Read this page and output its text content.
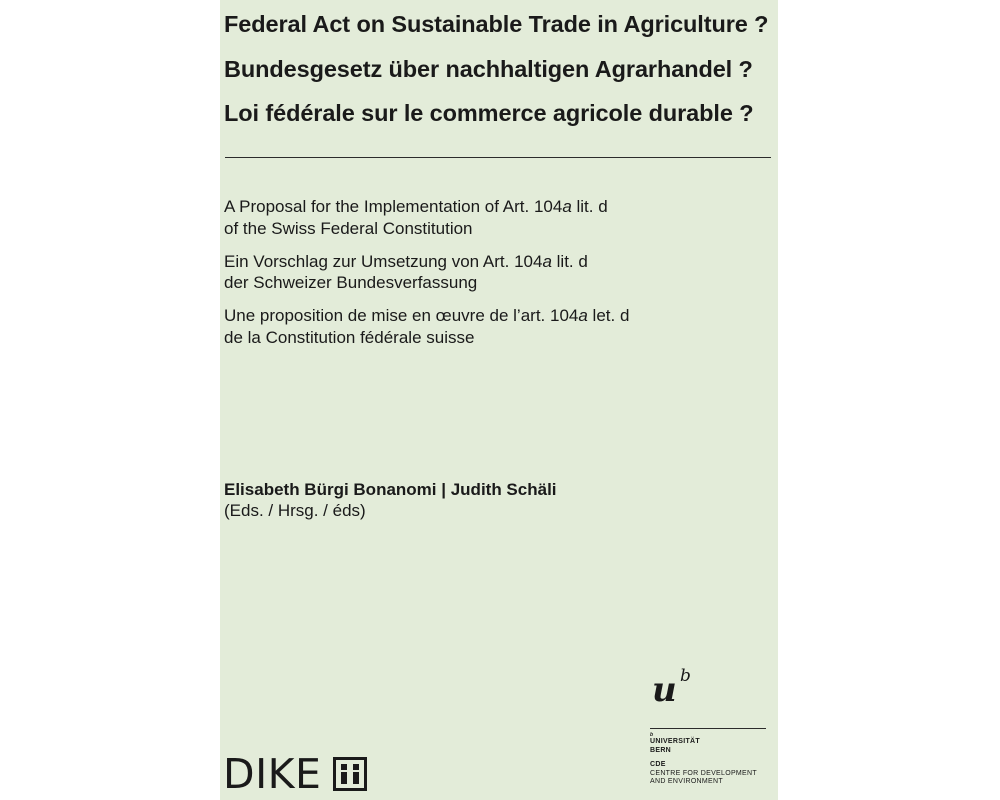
Federal Act on Sustainable Trade in Agriculture ?
Bundesgesetz über nachhaltigen Agrarhandel ?
Loi fédérale sur le commerce agricole durable ?
A Proposal for the Implementation of Art. 104a lit. d
of the Swiss Federal Constitution
Ein Vorschlag zur Umsetzung von Art. 104a lit. d
der Schweizer Bundesverfassung
Une proposition de mise en œuvre de l’art. 104a let. d
de la Constitution fédérale suisse
Elisabeth Bürgi Bonanomi | Judith Schäli
(Eds. / Hrsg. / éds)
DIKE
u b
b
UNIVERSITÄT
BERN
CDE
CENTRE FOR DEVELOPMENT
AND ENVIRONMENT
